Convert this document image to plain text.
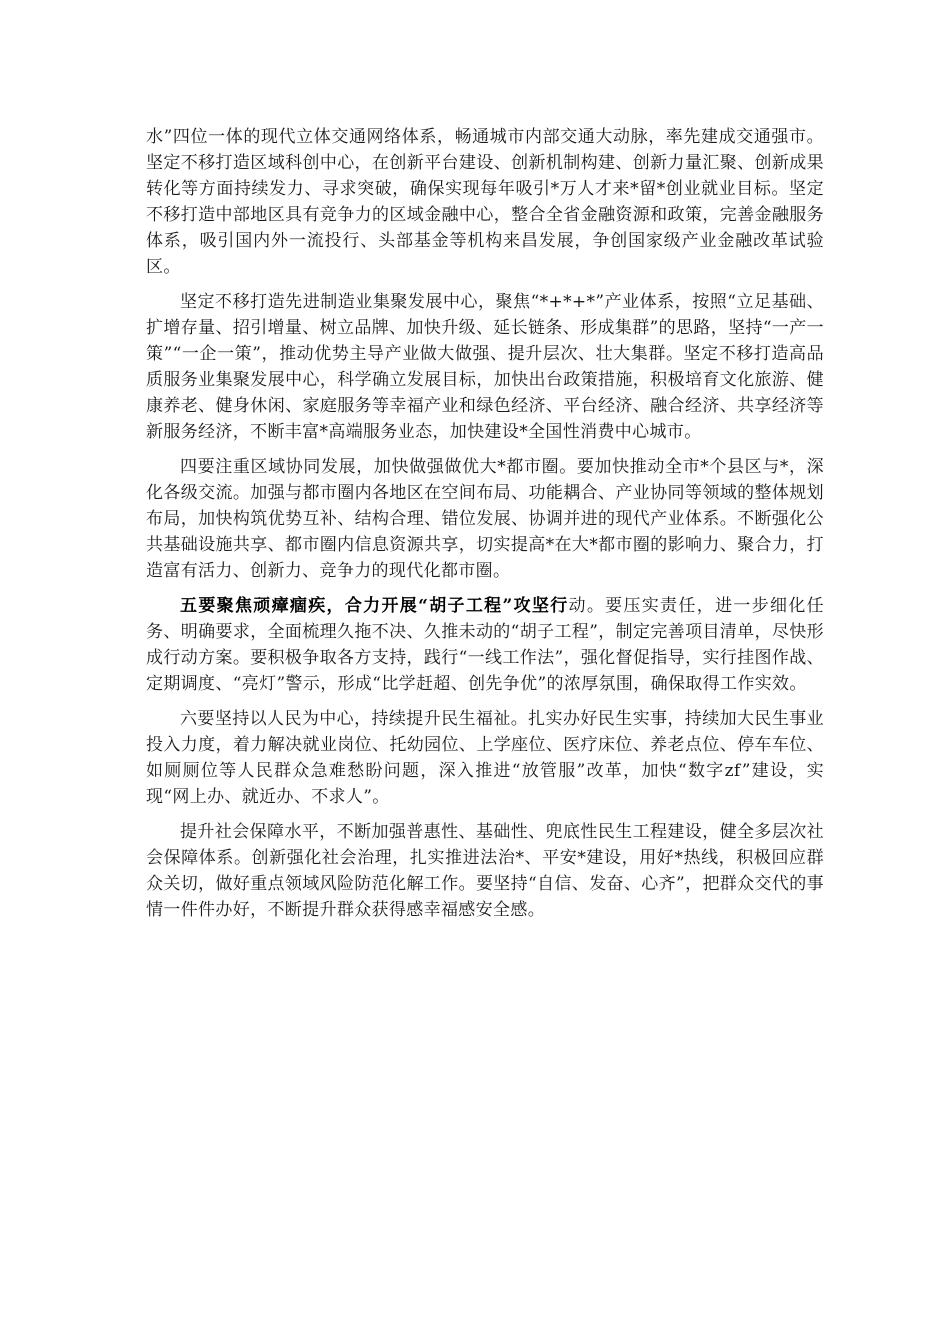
水”四位一体的现代立体交通网络体系，畅通城市内部交通大动脉，率先建成交通强市。坚定不移打造区域科创中心，在创新平台建设、创新机制构建、创新力量汇聚、创新成果转化等方面持续发力、寻求突破，确保实现每年吸引*万人才来*留*创业就业目标。坚定不移打造中部地区具有竞争力的区域金融中心，整合全省金融资源和政策，完善金融服务体系，吸引国内外一流投行、头部基金等机构来昌发展，争创国家级产业金融改革试验区。

坚定不移打造先进制造业集聚发展中心，聚焦“*+*+*”产业体系，按照“立足基础、扩增存量、招引增量、树立品牌、加快升级、延长链条、形成集群”的思路，坚持“一产一策”“一企一策”，推动优势主导产业做大做强、提升层次、壮大集群。坚定不移打造高品质服务业集聚发展中心，科学确立发展目标，加快出台政策措施，积极培育文化旅游、健康养老、健身休闲、家庭服务等幸福产业和绿色经济、平台经济、融合经济、共享经济等新服务经济，不断丰富*高端服务业态，加快建设*全国性消费中心城市。

四要注重区域协同发展，加快做强做优大*都市圈。要加快推动全市*个县区与*，深化各级交流。加强与都市圈内各地区在空间布局、功能耦合、产业协同等领域的整体规划布局，加快构筑优势互补、结构合理、错位发展、协调并进的现代产业体系。不断强化公共基础设施共享、都市圈内信息资源共享，切实提高*在大*都市圈的影响力、聚合力，打造富有活力、创新力、竞争力的现代化都市圈。

五要聚焦顽瘴痼疾，合力开展“胡子工程”攻坚行动。要压实责任，进一步细化任务、明确要求，全面梳理久拖不决、久推未动的“胡子工程”，制定完善项目清单，尽快形成行动方案。要积极争取各方支持，践行“一线工作法”，强化督促指导，实行挂图作战、定期调度、“亮灯”警示，形成“比学赶超、创先争优”的浓厚氛围，确保取得工作实效。

六要坚持以人民为中心，持续提升民生福祉。扎实办好民生实事，持续加大民生事业投入力度，着力解决就业岗位、托幼园位、上学座位、医疗床位、养老点位、停车车位、如厕厕位等人民群众急难愁盼问题，深入推进“放管服”改革，加快“数字zf”建设，实现“网上办、就近办、不求人”。

提升社会保障水平，不断加强普惠性、基础性、兜底性民生工程建设，健全多层次社会保障体系。创新强化社会治理，扎实推进法治*、平安*建设，用好*热线，积极回应群众关切，做好重点领域风险防范化解工作。要坚持“自信、发奋、心齐”，把群众交代的事情一件件办好，不断提升群众获得感幸福感安全感。
